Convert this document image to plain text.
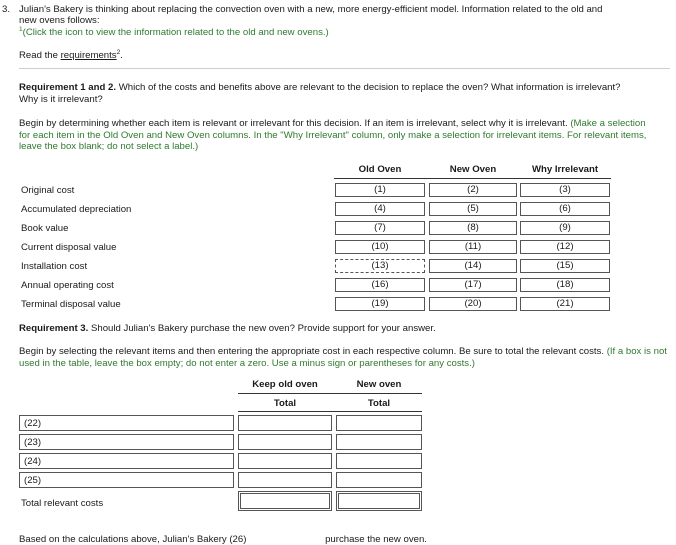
3. Julian's Bakery is thinking about replacing the convection oven with a new, more energy-efficient model. Information related to the old and
new ovens follows:
1(Click the icon to view the information related to the old and new ovens.)
Read the requirements2.
Requirement 1 and 2. Which of the costs and benefits above are relevant to the decision to replace the oven? What information is irrelevant?
Why is it irrelevant?
Begin by determining whether each item is relevant or irrelevant for this decision. If an item is irrelevant, select why it is irrelevant. (Make a selection for each item in the Old Oven and New Oven columns. In the "Why Irrelevant" column, only make a selection for irrelevant items. For relevant items, leave the box blank; do not select a label.)
Old Oven	New Oven	Why Irrelevant
Original cost	(1)	(2)	(3)
Accumulated depreciation	(4)	(5)	(6)
Book value	(7)	(8)	(9)
Current disposal value	(10)	(11)	(12)
Installation cost	(13)	(14)	(15)
Annual operating cost	(16)	(17)	(18)
Terminal disposal value	(19)	(20)	(21)
Requirement 3. Should Julian's Bakery purchase the new oven? Provide support for your answer.
Begin by selecting the relevant items and then entering the appropriate cost in each respective column. Be sure to total the relevant costs. (If a box is not used in the table, leave the box empty; do not enter a zero. Use a minus sign or parentheses for any costs.)
Keep old oven	New oven
Total	Total
(22)
(23)
(24)
(25)
Total relevant costs
Based on the calculations above, Julian's Bakery (26)	purchase the new oven.
